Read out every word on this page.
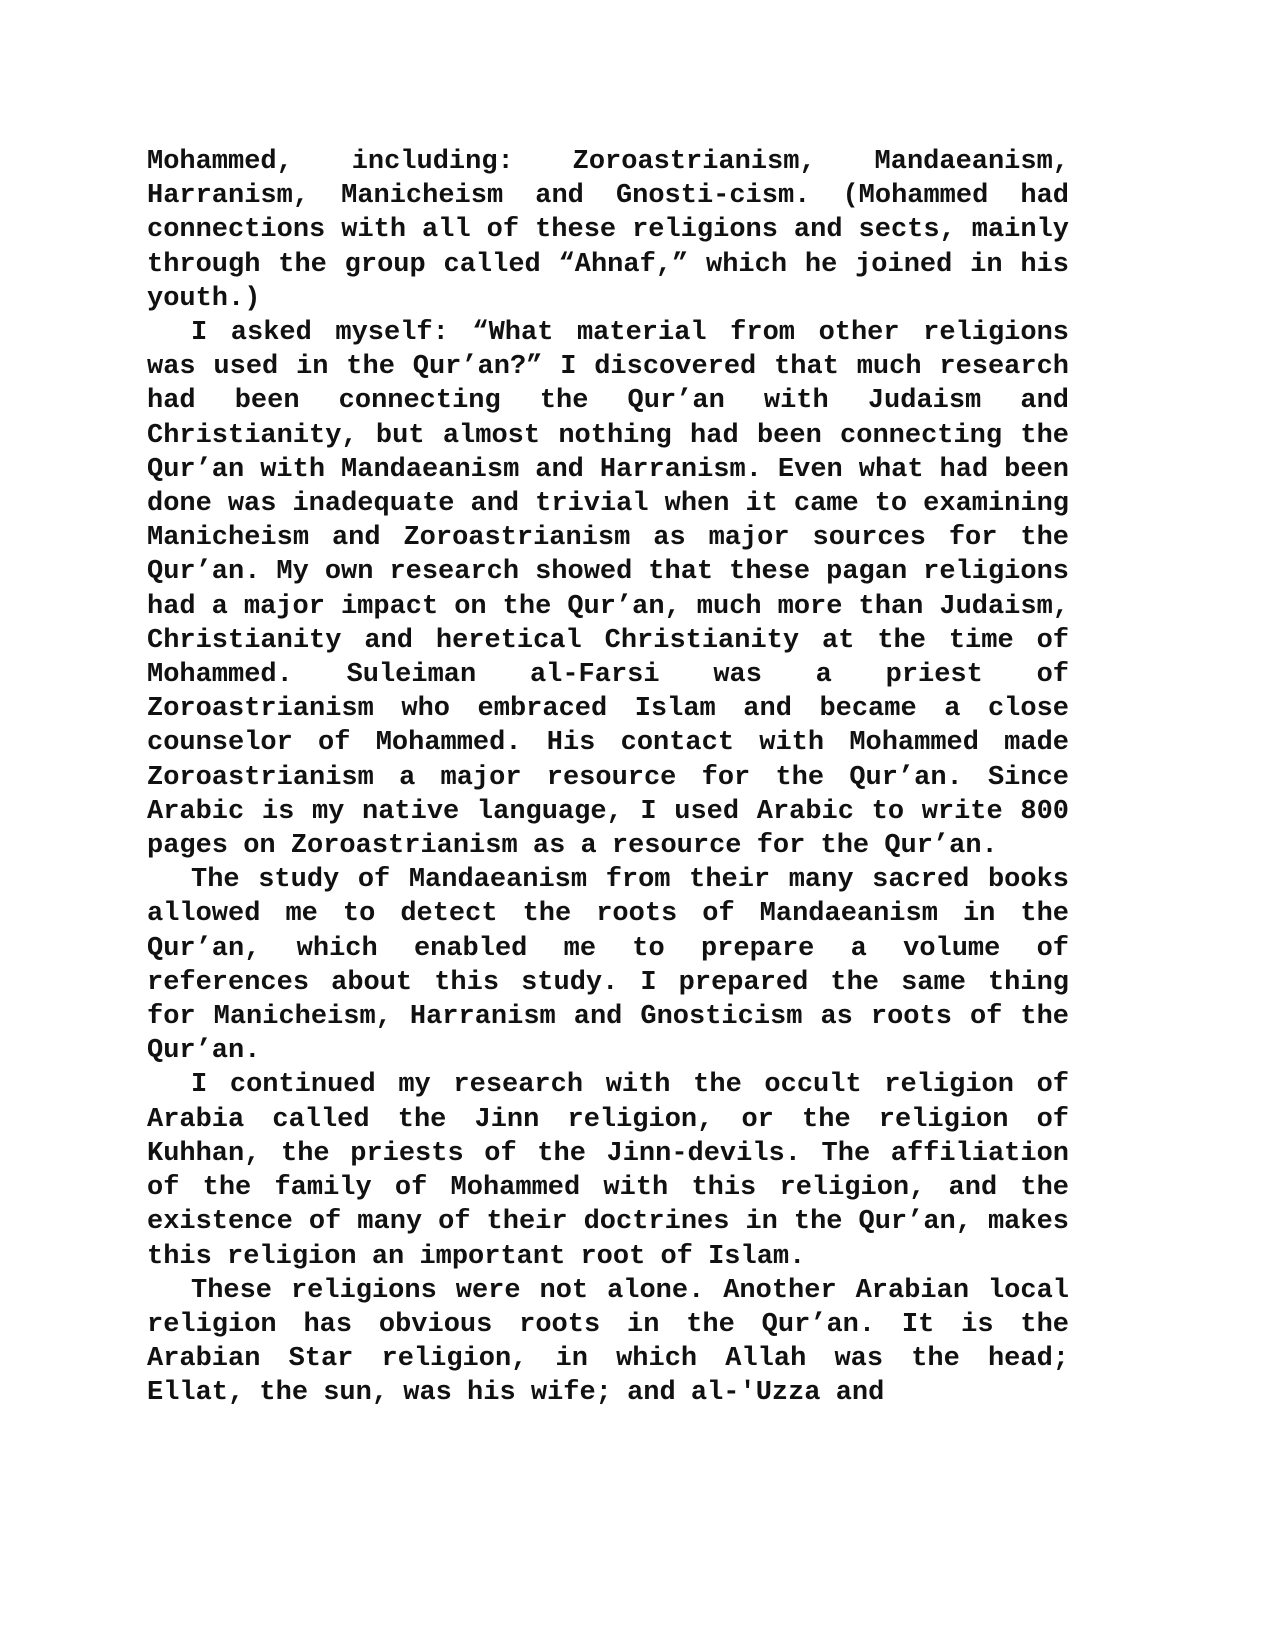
Mohammed, including: Zoroastrianism, Mandaeanism, Harranism, Manicheism and Gnosti-cism. (Mohammed had connections with all of these religions and sects, mainly through the group called “Ahnaf,” which he joined in his youth.)

I asked myself: “What material from other religions was used in the Qur’an?” I discovered that much research had been connecting the Qur’an with Judaism and Christianity, but almost nothing had been connecting the Qur’an with Mandaeanism and Harranism. Even what had been done was inadequate and trivial when it came to examining Manicheism and Zoroastrianism as major sources for the Qur’an. My own research showed that these pagan religions had a major impact on the Qur’an, much more than Judaism, Christianity and heretical Christianity at the time of Mohammed. Suleiman al-Farsi was a priest of Zoroastrianism who embraced Islam and became a close counselor of Mohammed. His contact with Mohammed made Zoroastrianism a major resource for the Qur’an. Since Arabic is my native language, I used Arabic to write 800 pages on Zoroastrianism as a resource for the Qur’an.

The study of Mandaeanism from their many sacred books allowed me to detect the roots of Mandaeanism in the Qur’an, which enabled me to prepare a volume of references about this study. I prepared the same thing for Manicheism, Harranism and Gnosticism as roots of the Qur’an.

I continued my research with the occult religion of Arabia called the Jinn religion, or the religion of Kuhhan, the priests of the Jinn-devils. The affiliation of the family of Mohammed with this religion, and the existence of many of their doctrines in the Qur’an, makes this religion an important root of Islam.

These religions were not alone. Another Arabian local religion has obvious roots in the Qur’an. It is the Arabian Star religion, in which Allah was the head; Ellat, the sun, was his wife; and al-'Uzza and
